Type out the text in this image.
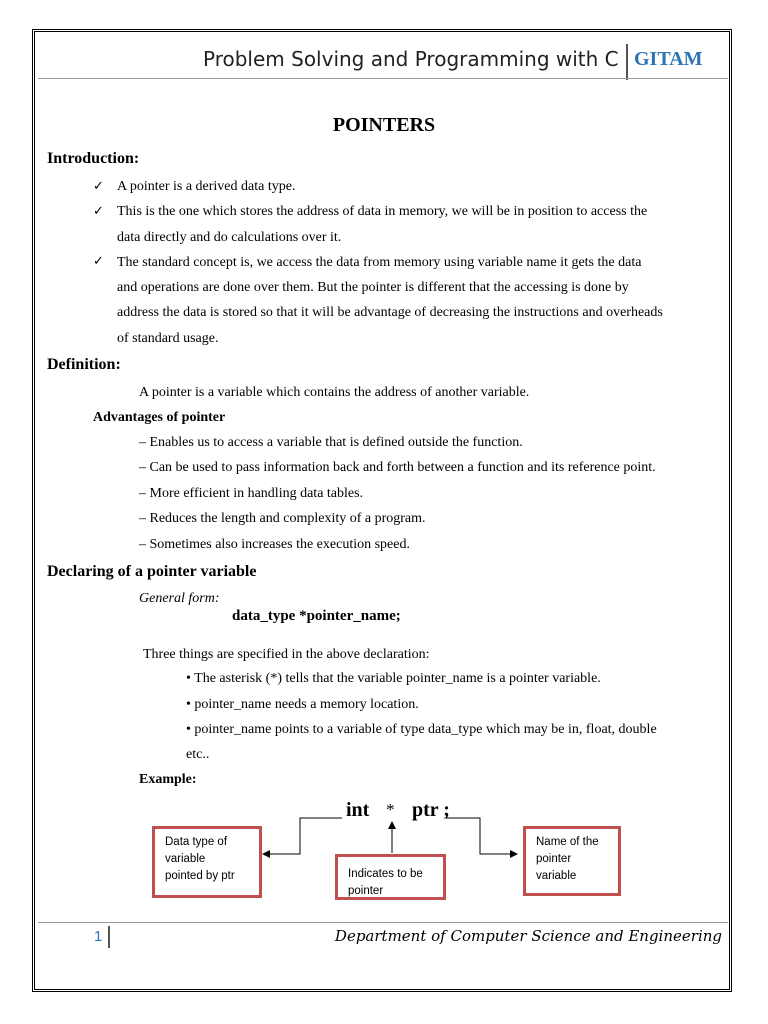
Problem Solving and Programming with C GITAM
POINTERS
Introduction:
✓ A pointer is a derived data type.
✓ This is the one which stores the address of data in memory, we will be in position to access the
data directly and do calculations over it.
✓ The standard concept is, we access the data from memory using variable name it gets the data
and operations are done over them. But the pointer is different that the accessing is done by
address the data is stored so that it will be advantage of decreasing the instructions and overheads
of standard usage.
Definition:
A pointer is a variable which contains the address of another variable.
Advantages of pointer
– Enables us to access a variable that is defined outside the function.
– Can be used to pass information back and forth between a function and its reference point.
– More efficient in handling data tables.
– Reduces the length and complexity of a program.
– Sometimes also increases the execution speed.
Declaring of a pointer variable
General form:
data_type *pointer_name;
Three things are specified in the above declaration:
• The asterisk (*) tells that the variable pointer_name is a pointer variable.
• pointer_name needs a memory location.
• pointer_name points to a variable of type data_type which may be in, float, double
etc..
Example:
int * ptr ;
Data type of
variable
pointed by ptr	Indicates to be
pointer
Name of the
pointer
variable
1	Department of Computer Science and Engineering
